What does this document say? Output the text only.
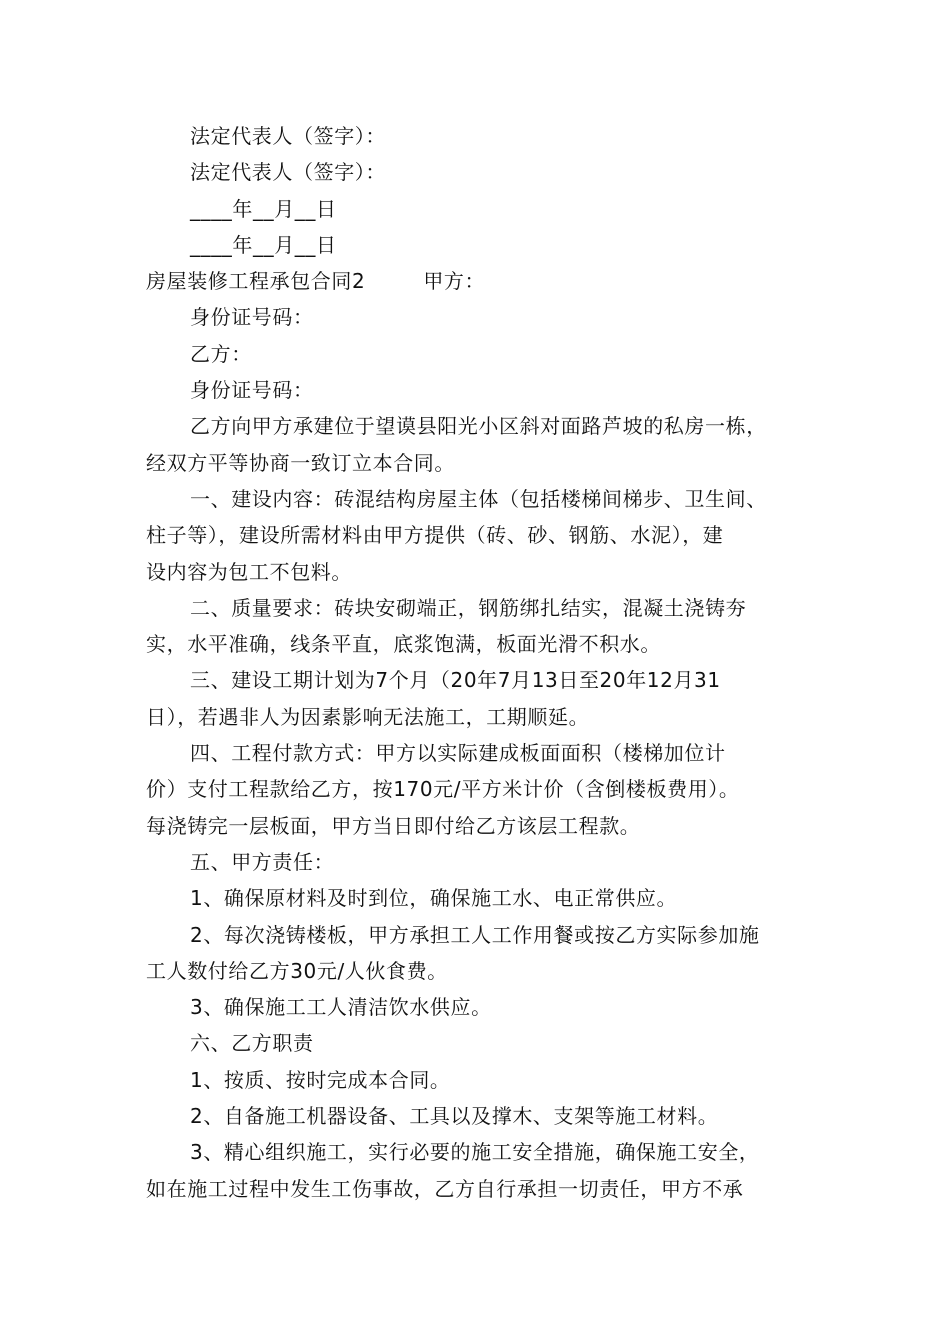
法定代表人（签字）：
法定代表人（签字）：
____年__月__日
____年__月__日
房屋装修工程承包合同2	甲方：
身份证号码：
乙方：
身份证号码：
乙方向甲方承建位于望谟县阳光小区斜对面路芦坡的私房一栋，
经双方平等协商一致订立本合同。
一、建设内容：砖混结构房屋主体（包括楼梯间梯步、卫生间、
柱子等），建设所需材料由甲方提供（砖、砂、钢筋、水泥），建
设内容为包工不包料。
二、质量要求：砖块安砌端正，钢筋绑扎结实，混凝土浇铸夯
实，水平准确，线条平直，底浆饱满，板面光滑不积水。
三、建设工期计划为7个月（20年7月13日至20年12月31
日），若遇非人为因素影响无法施工，工期顺延。
四、工程付款方式：甲方以实际建成板面面积（楼梯加位计
价）支付工程款给乙方，按170元/平方米计价（含倒楼板费用）。
每浇铸完一层板面，甲方当日即付给乙方该层工程款。
五、甲方责任：
1、确保原材料及时到位，确保施工水、电正常供应。
2、每次浇铸楼板，甲方承担工人工作用餐或按乙方实际参加施
工人数付给乙方30元/人伙食费。
3、确保施工工人清洁饮水供应。
六、乙方职责
1、按质、按时完成本合同。
2、自备施工机器设备、工具以及撑木、支架等施工材料。
3、精心组织施工，实行必要的施工安全措施，确保施工安全，
如在施工过程中发生工伤事故，乙方自行承担一切责任，甲方不承
